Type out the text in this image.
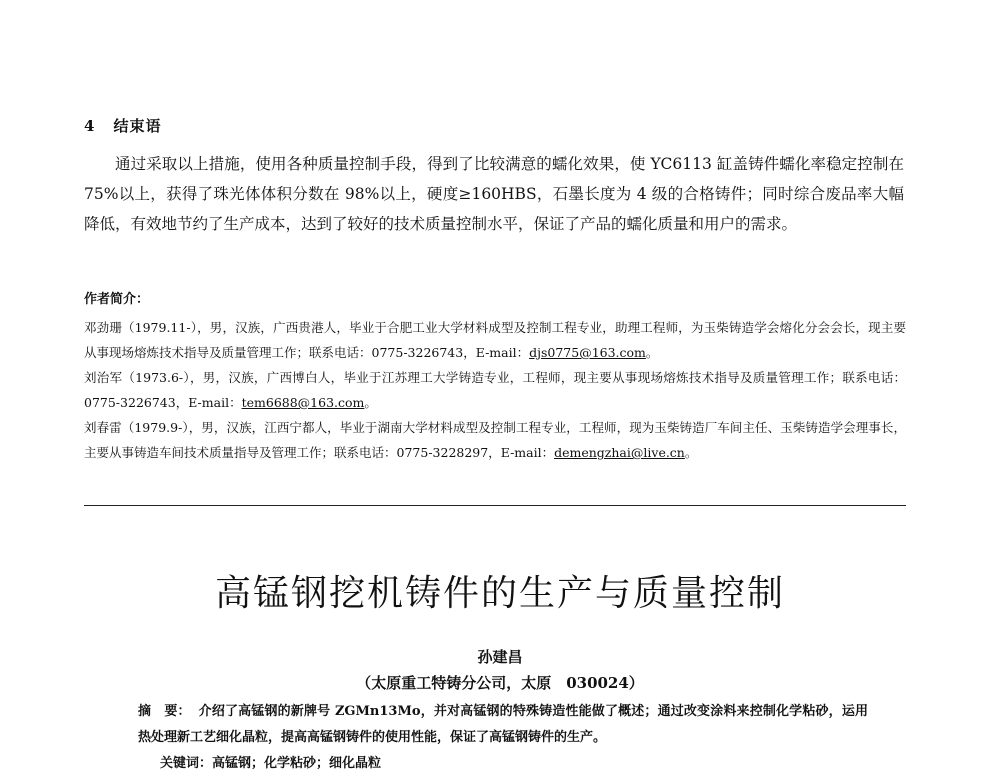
4 结束语

通过采取以上措施，使用各种质量控制手段，得到了比较满意的蠕化效果，使 YC6113 缸盖铸件蠕化率稳定控制在 75%以上，获得了珠光体体积分数在 98%以上，硬度≥160HBS，石墨长度为 4 级的合格铸件；同时综合废品率大幅降低，有效地节约了生产成本，达到了较好的技术质量控制水平，保证了产品的蠕化质量和用户的需求。

作者简介：

邓劲珊（1979.11-），男，汉族，广西贵港人，毕业于合肥工业大学材料成型及控制工程专业，助理工程师，为玉柴铸造学会熔化分会会长，现主要从事现场熔炼技术指导及质量管理工作；联系电话：0775-3226743，E-mail：djs0775@163.com。

刘治军（1973.6-），男，汉族，广西博白人，毕业于江苏理工大学铸造专业，工程师，现主要从事现场熔炼技术指导及质量管理工作；联系电话：0775-3226743，E-mail：tem6688@163.com。

刘春雷（1979.9-），男，汉族，江西宁都人，毕业于湖南大学材料成型及控制工程专业，工程师，现为玉柴铸造厂车间主任、玉柴铸造学会理事长，主要从事铸造车间技术质量指导及管理工作；联系电话：0775-3228297，E-mail：demengzhai@live.cn。

高锰钢挖机铸件的生产与质量控制
孙建昌
（太原重工特铸分公司，太原　030024）

摘　要： 介绍了高锰钢的新牌号 ZGMn13Mo，并对高锰钢的特殊铸造性能做了概述；通过改变涂料来控制化学粘砂，运用热处理新工艺细化晶粒，提高高锰钢铸件的使用性能，保证了高锰钢铸件的生产。

关键词：高锰钢；化学粘砂；细化晶粒
